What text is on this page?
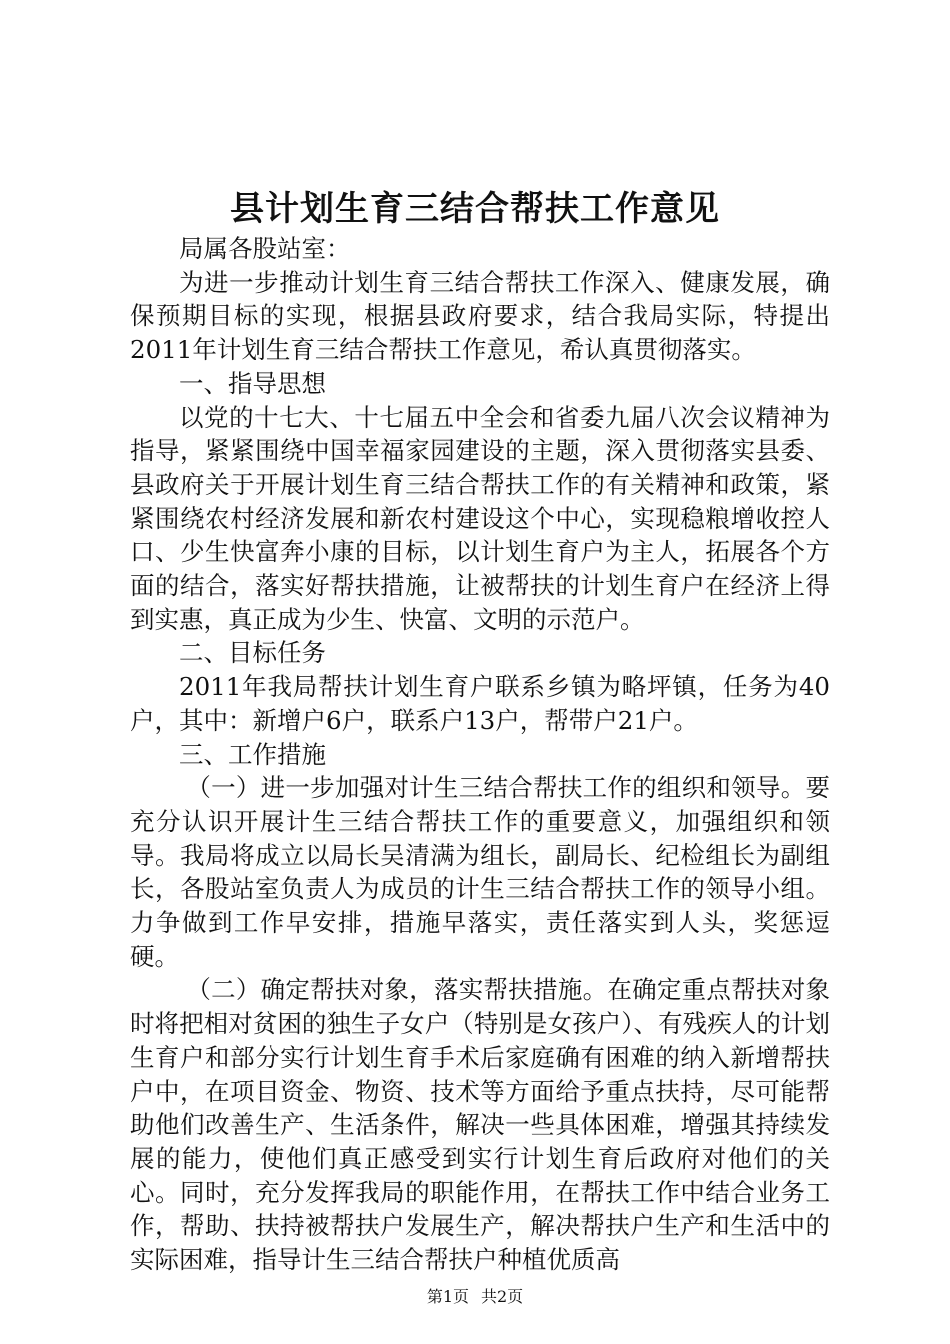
县计划生育三结合帮扶工作意见

局属各股站室：

为进一步推动计划生育三结合帮扶工作深入、健康发展，确保预期目标的实现，根据县政府要求，结合我局实际，特提出2011年计划生育三结合帮扶工作意见，希认真贯彻落实。

一、指导思想

以党的十七大、十七届五中全会和省委九届八次会议精神为指导，紧紧围绕中国幸福家园建设的主题，深入贯彻落实县委、县政府关于开展计划生育三结合帮扶工作的有关精神和政策，紧紧围绕农村经济发展和新农村建设这个中心，实现稳粮增收控人口、少生快富奔小康的目标，以计划生育户为主人，拓展各个方面的结合，落实好帮扶措施，让被帮扶的计划生育户在经济上得到实惠，真正成为少生、快富、文明的示范户。

二、目标任务

2011年我局帮扶计划生育户联系乡镇为略坪镇，任务为40户，其中：新增户6户，联系户13户，帮带户21户。

三、工作措施

（一）进一步加强对计生三结合帮扶工作的组织和领导。要充分认识开展计生三结合帮扶工作的重要意义，加强组织和领导。我局将成立以局长吴清满为组长，副局长、纪检组长为副组长，各股站室负责人为成员的计生三结合帮扶工作的领导小组。力争做到工作早安排，措施早落实，责任落实到人头，奖惩逗硬。

（二）确定帮扶对象，落实帮扶措施。在确定重点帮扶对象时将把相对贫困的独生子女户（特别是女孩户）、有残疾人的计划生育户和部分实行计划生育手术后家庭确有困难的纳入新增帮扶户中，在项目资金、物资、技术等方面给予重点扶持，尽可能帮助他们改善生产、生活条件，解决一些具体困难，增强其持续发展的能力，使他们真正感受到实行计划生育后政府对他们的关心。同时，充分发挥我局的职能作用，在帮扶工作中结合业务工作，帮助、扶持被帮扶户发展生产，解决帮扶户生产和生活中的实际困难，指导计生三结合帮扶户种植优质高

第1页 共2页
